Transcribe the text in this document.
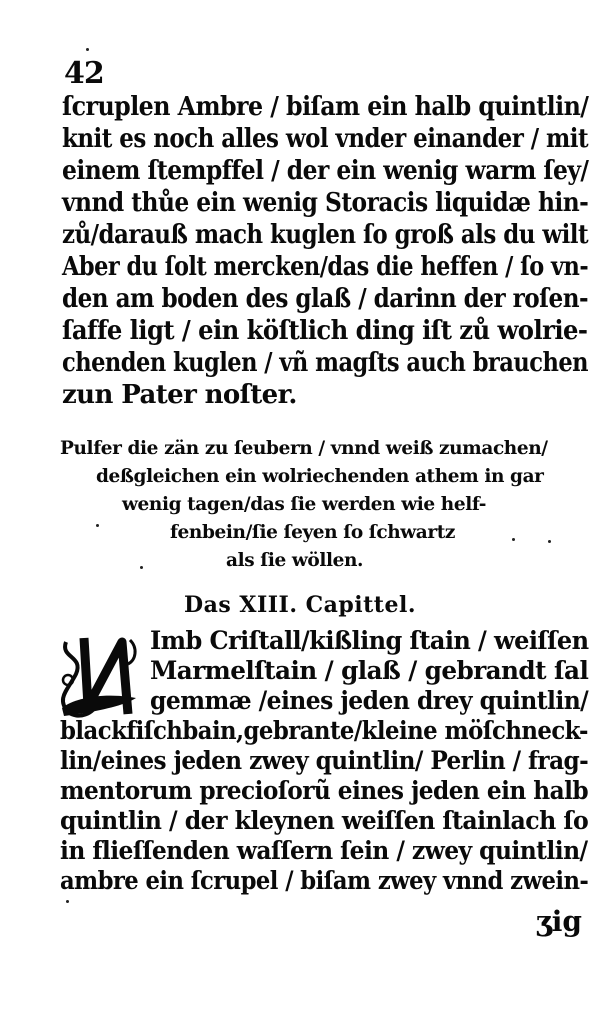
42
ſcruplen Ambre / biſam ein halb quintlin/
knit es noch alles wol vnder einander / mit
einem ſtempffel / der ein wenig warm ſey/
vnnd thůe ein wenig Storacis liquidæ hin-
zů/darauß mach kuglen ſo groß als du wilt
Aber du ſolt mercken/das die heffen / ſo vn-
den am boden des glaß / darinn der roſen-
ſaffe ligt / ein köſtlich ding iſt zů wolrie-
chenden kuglen / vñ magſts auch brauchen
zun Pater noſter.
Pulfer die zän zu ſeubern / vnnd weiß zumachen/
deßgleichen ein wolriechenden athem in gar
wenig tagen/das ſie werden wie helf-
fenbein/ſie ſeyen ſo ſchwartz
als ſie wöllen.
Das XIII. Capittel.
Imb Criſtall/kißling ſtain / weiſſen
Marmelſtain / glaß / gebrandt ſal
gemmæ /eines jeden drey quintlin/
blackfiſchbain,gebrante/kleine möſchneck-
lin/eines jeden zwey quintlin/ Perlin / frag-
mentorum precioſorũ eines jeden ein halb
quintlin / der kleynen weiſſen ſtainlach ſo
in flieſſenden waſſern ſein / zwey quintlin/
ambre ein ſcrupel / biſam zwey vnnd zwein-
ʒig
